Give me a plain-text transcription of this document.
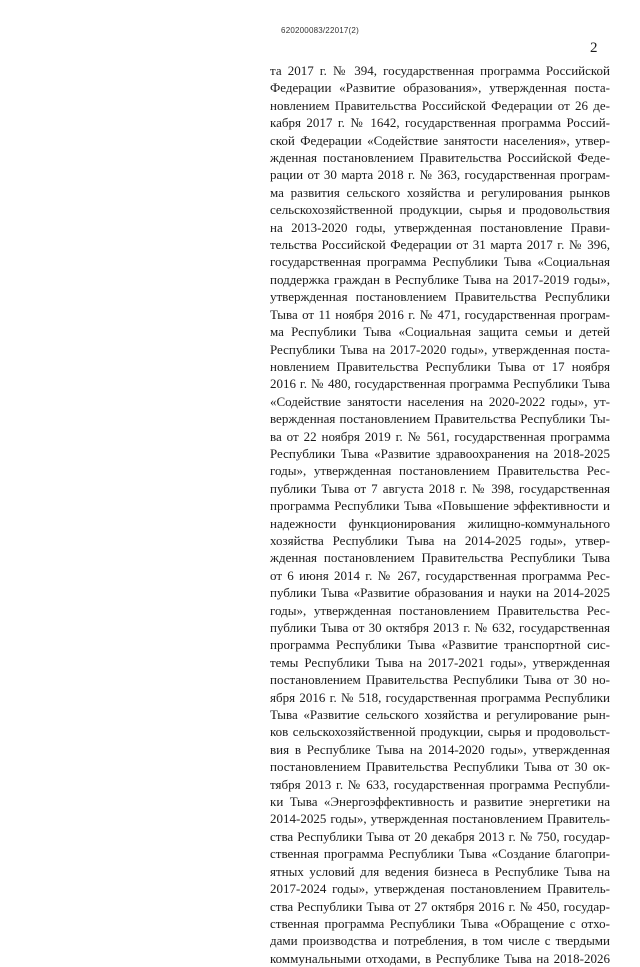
620200083/22017(2)
2
та 2017 г. № 394, государственная программа Российской
Федерации «Развитие образования», утвержденная поста-
новлением Правительства Российской Федерации от 26 де-
кабря 2017 г. № 1642, государственная программа Россий-
ской Федерации «Содействие занятости населения», утвер-
жденная постановлением Правительства Российской Феде-
рации от 30 марта 2018 г. № 363, государственная програм-
ма развития сельского хозяйства и регулирования рынков
сельскохозяйственной продукции, сырья и продовольствия
на 2013-2020 годы, утвержденная постановление Прави-
тельства Российской Федерации от 31 марта 2017 г. № 396,
государственная программа Республики Тыва «Социальная
поддержка граждан в Республике Тыва на 2017-2019 годы»,
утвержденная постановлением Правительства Республики
Тыва от 11 ноября 2016 г. № 471, государственная програм-
ма Республики Тыва «Социальная защита семьи и детей
Республики Тыва на 2017-2020 годы», утвержденная поста-
новлением Правительства Республики Тыва от 17 ноября
2016 г. № 480, государственная программа Республики Тыва
«Содействие занятости населения на 2020-2022 годы», ут-
вержденная постановлением Правительства Республики Ты-
ва от 22 ноября 2019 г. № 561, государственная программа
Республики Тыва «Развитие здравоохранения на 2018-2025
годы», утвержденная постановлением Правительства Рес-
публики Тыва от 7 августа 2018 г. № 398, государственная
программа Республики Тыва «Повышение эффективности и
надежности функционирования жилищно-коммунального
хозяйства Республики Тыва на 2014-2025 годы», утвер-
жденная постановлением Правительства Республики Тыва
от 6 июня 2014 г. № 267, государственная программа Рес-
публики Тыва «Развитие образования и науки на 2014-2025
годы», утвержденная постановлением Правительства Рес-
публики Тыва от 30 октября 2013 г. № 632, государственная
программа Республики Тыва «Развитие транспортной сис-
темы Республики Тыва на 2017-2021 годы», утвержденная
постановлением Правительства Республики Тыва от 30 но-
ября 2016 г. № 518, государственная программа Республики
Тыва «Развитие сельского хозяйства и регулирование рын-
ков сельскохозяйственной продукции, сырья и продовольст-
вия в Республике Тыва на 2014-2020 годы», утвержденная
постановлением Правительства Республики Тыва от 30 ок-
тября 2013 г. № 633, государственная программа Республи-
ки Тыва «Энергоэффективность и развитие энергетики на
2014-2025 годы», утвержденная постановлением Правитель-
ства Республики Тыва от 20 декабря 2013 г. № 750, государ-
ственная программа Республики Тыва «Создание благопри-
ятных условий для ведения бизнеса в Республике Тыва на
2017-2024 годы», утвержденая постановлением Правитель-
ства Республики Тыва от 27 октября 2016 г. № 450, государ-
ственная программа Республики Тыва «Обращение с отхо-
дами производства и потребления, в том числе с твердыми
коммунальными отходами, в Республике Тыва на 2018-2026
